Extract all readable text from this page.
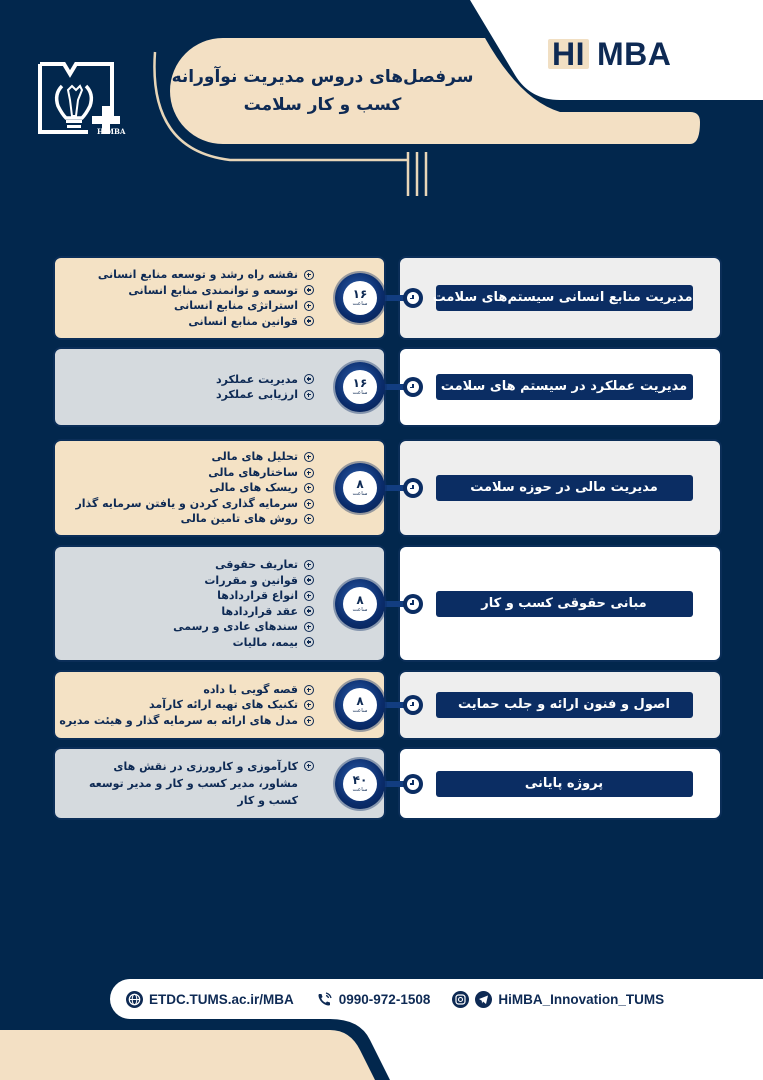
HI MBA
سرفصل‌های دروس مدیریت نوآورانه
کسب و کار سلامت
HiMBA
نقشه راه رشد و توسعه منابع انسانی
توسعه و توانمندی منابع انسانی
استراتژی منابع انسانی
قوانین منابع انسانی
مدیریت منابع انسانی سیستم‌های سلامت
۱۶
ساعت
مدیریت عملکرد
ارزیابی عملکرد
مدیریت عملکرد در سیستم های سلامت
۱۶
ساعت
تحلیل های مالی
ساختارهای مالی
ریسک های مالی
سرمایه گذاری کردن و یافتن سرمایه گذار
روش های تامین مالی
مدیریت مالی در حوزه سلامت
۸
ساعت
تعاریف حقوقی
قوانین و مقررات
انواع قراردادها
عقد قراردادها
سندهای عادی و رسمی
بیمه، مالیات
مبانی حقوقی کسب و کار
۸
ساعت
قصه گویی با داده
تکنیک های تهیه ارائه کارآمد
مدل های ارائه به سرمایه گذار و هیئت مدیره
اصول و فنون ارائه و جلب حمایت
۸
ساعت
کارآموزی و کارورزی در نقش های مشاور، مدیر کسب و کار و مدیر توسعه کسب و کار
پروژه پایانی
۴۰
ساعت
ETDC.TUMS.ac.ir/MBA	0990-972-1508	HiMBA_Innovation_TUMS
